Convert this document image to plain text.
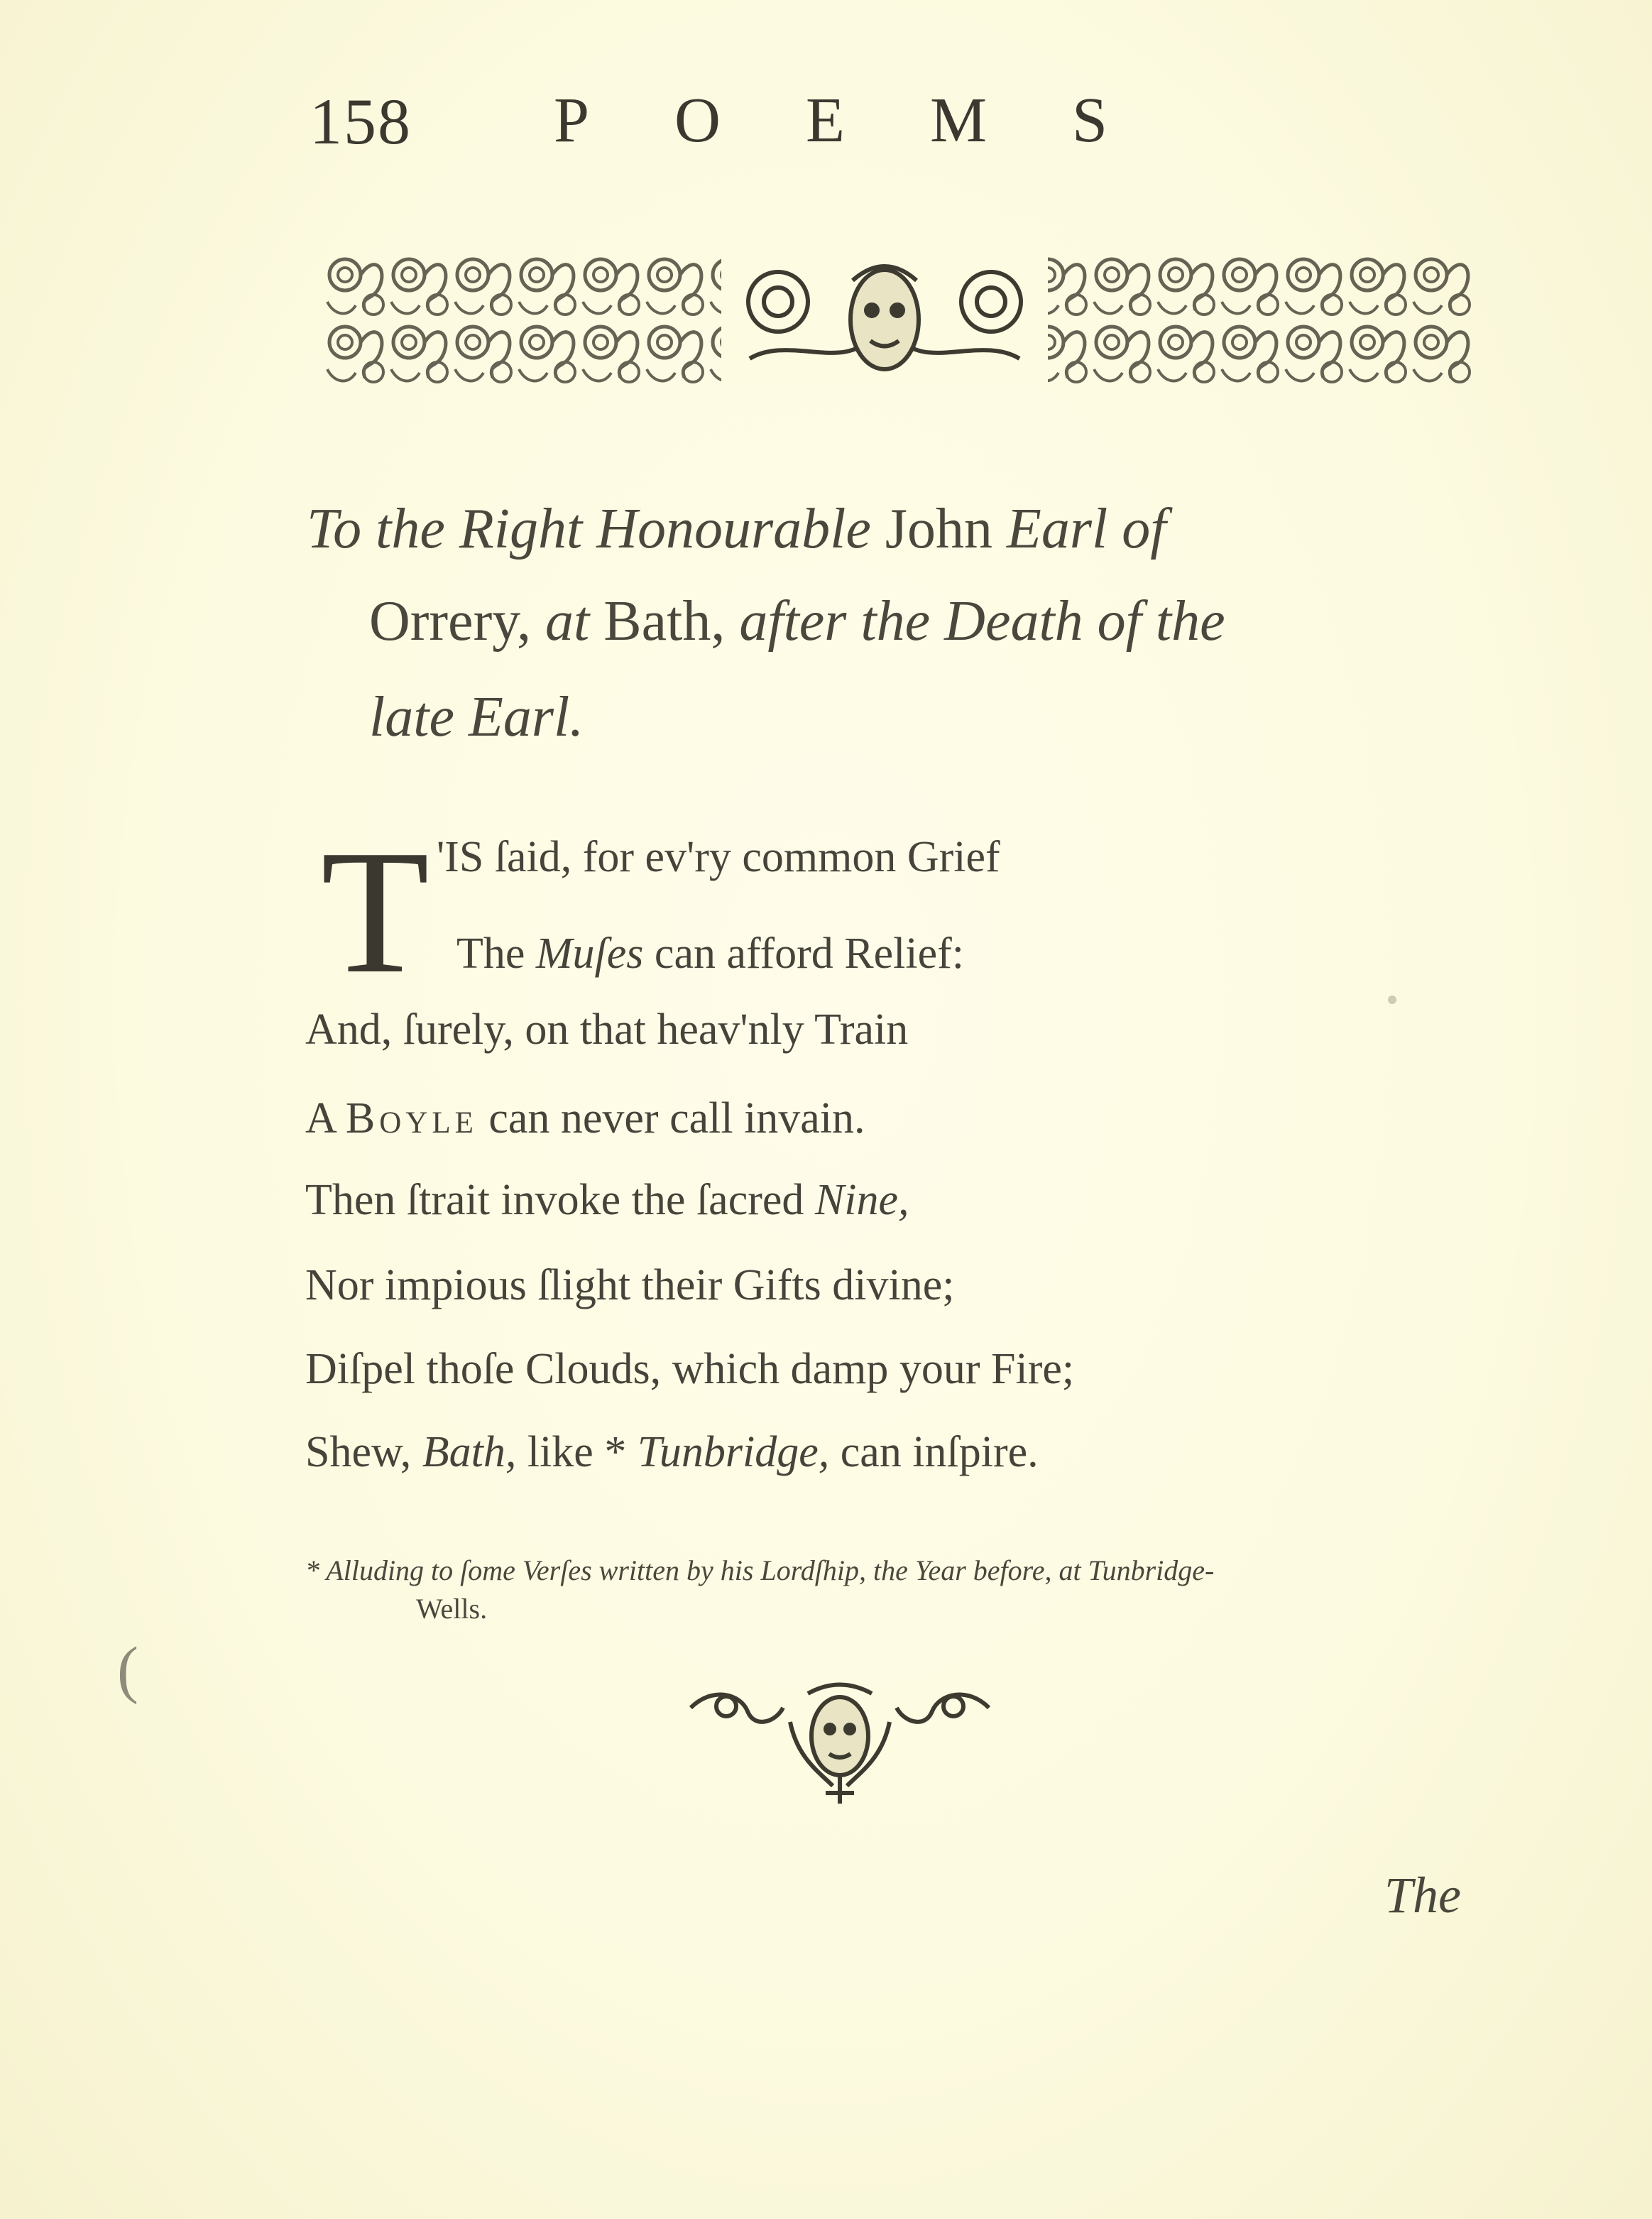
158 POEMS
To the Right Honourable John Earl of
Orrery, at Bath, after the Death of the
late Earl.
T 'IS ſaid, for ev'ry common Grief
The Muſes can afford Relief:
And, ſurely, on that heav'nly Train
A Boyle can never call invain.
Then ſtrait invoke the ſacred Nine,
Nor impious ſlight their Gifts divine;
Diſpel thoſe Clouds, which damp your Fire;
Shew, Bath, like * Tunbridge, can inſpire.
* Alluding to ſome Verſes written by his Lordſhip, the Year before, at Tunbridge-
Wells.
The
(
